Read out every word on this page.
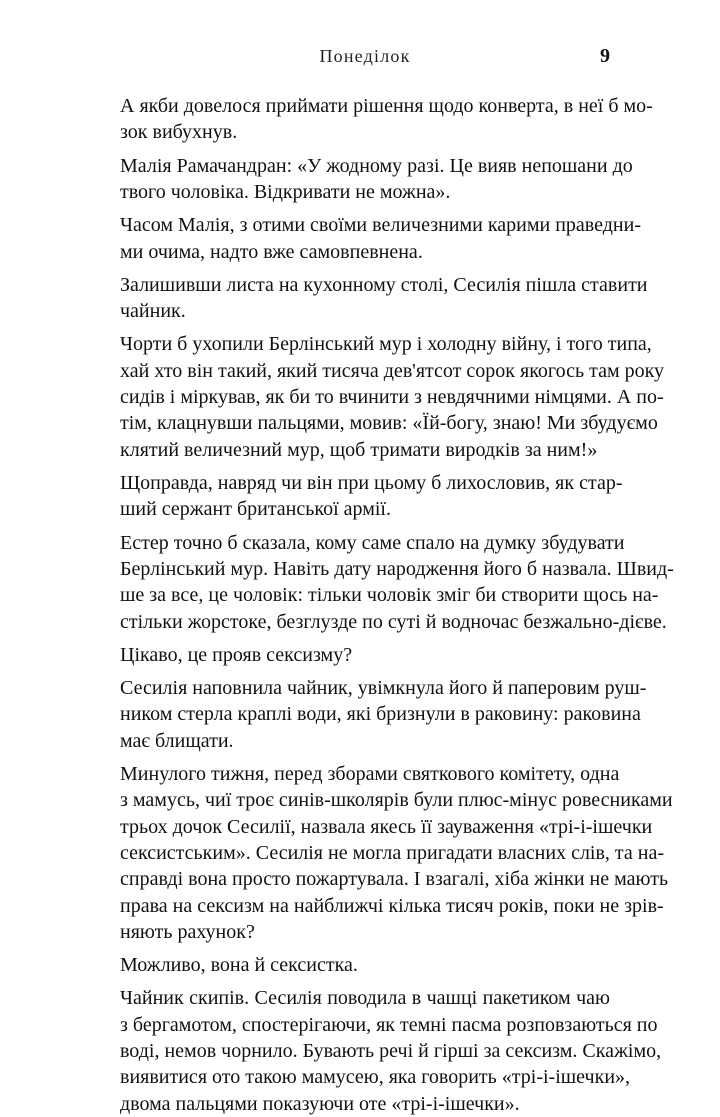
Понеділок	9
А якби довелося приймати рішення щодо конверта, в неї б мо-
зок вибухнув.
Малія Рамачандран: «У жодному разі. Це вияв непошани до
твого чоловіка. Відкривати не можна».
Часом Малія, з отими своїми величезними карими праведни-
ми очима, надто вже самовпевнена.
Залишивши листа на кухонному столі, Сесилія пішла ставити
чайник.
Чорти б ухопили Берлінський мур і холодну війну, і того типа,
хай хто він такий, який тисяча дев'ятсот сорок якогось там року
сидів і міркував, як би то вчинити з невдячними німцями. А по-
тім, клацнувши пальцями, мовив: «Їй-богу, знаю! Ми збудуємо
клятий величезний мур, щоб тримати виродків за ним!»
Щоправда, навряд чи він при цьому б лихословив, як стар-
ший сержант британської армії.
Естер точно б сказала, кому саме спало на думку збудувати
Берлінський мур. Навіть дату народження його б назвала. Швид-
ше за все, це чоловік: тільки чоловік зміг би створити щось на-
стільки жорстоке, безглузде по суті й водночас безжально-дієве.
Цікаво, це прояв сексизму?
Сесилія наповнила чайник, увімкнула його й паперовим руш-
ником стерла краплі води, які бризнули в раковину: раковина
має блищати.
Минулого тижня, перед зборами святкового комітету, одна
з мамусь, чиї троє синів-школярів були плюс-мінус ровесниками
трьох дочок Сесилії, назвала якесь її зауваження «трі-і-ішечки
сексистським». Сесилія не могла пригадати власних слів, та на-
справді вона просто пожартувала. І взагалі, хіба жінки не мають
права на сексизм на найближчі кілька тисяч років, поки не зрів-
няють рахунок?
Можливо, вона й сексистка.
Чайник скипів. Сесилія поводила в чашці пакетиком чаю
з бергамотом, спостерігаючи, як темні пасма розповзаються по
воді, немов чорнило. Бувають речі й гірші за сексизм. Скажімо,
виявитися ото такою мамусею, яка говорить «трі-і-ішечки»,
двома пальцями показуючи оте «трі-і-ішечки».
